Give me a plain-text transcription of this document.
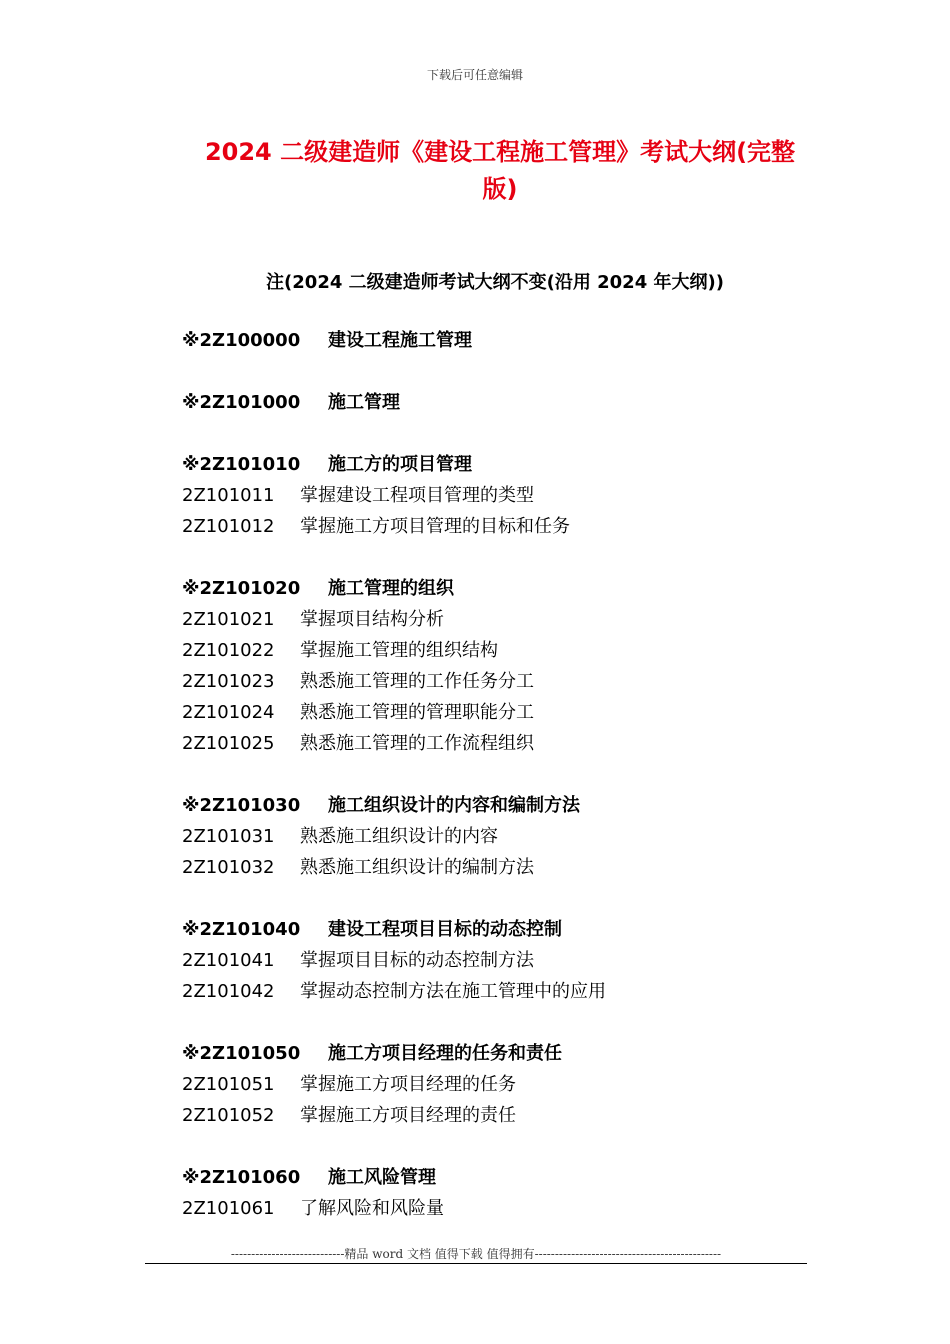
下载后可任意编辑
2024 二级建造师《建设工程施工管理》考试大纲(完整
版)
注(2024 二级建造师考试大纲不变(沿用 2024 年大纲))
※2Z100000 建设工程施工管理
※2Z101000 施工管理
※2Z101010 施工方的项目管理
2Z101011 掌握建设工程项目管理的类型
2Z101012 掌握施工方项目管理的目标和任务
※2Z101020 施工管理的组织
2Z101021 掌握项目结构分析
2Z101022 掌握施工管理的组织结构
2Z101023 熟悉施工管理的工作任务分工
2Z101024 熟悉施工管理的管理职能分工
2Z101025 熟悉施工管理的工作流程组织
※2Z101030 施工组织设计的内容和编制方法
2Z101031 熟悉施工组织设计的内容
2Z101032 熟悉施工组织设计的编制方法
※2Z101040 建设工程项目目标的动态控制
2Z101041 掌握项目目标的动态控制方法
2Z101042 掌握动态控制方法在施工管理中的应用
※2Z101050 施工方项目经理的任务和责任
2Z101051 掌握施工方项目经理的任务
2Z101052 掌握施工方项目经理的责任
※2Z101060 施工风险管理
2Z101061 了解风险和风险量
----------------------------精品 word 文档 值得下载 值得拥有----------------------------------------------
